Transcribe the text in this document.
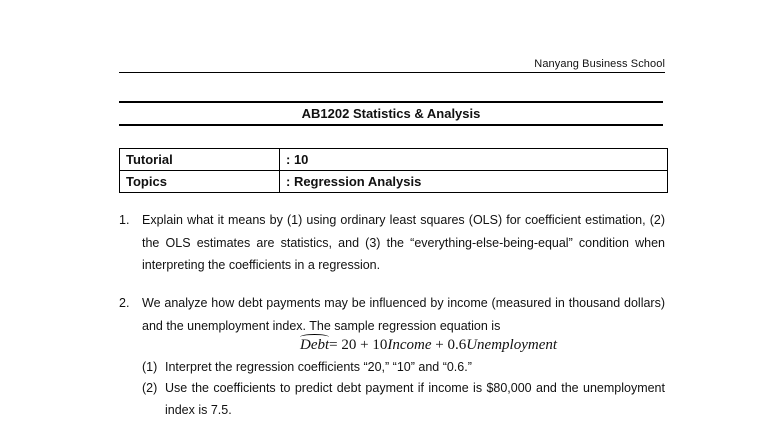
Nanyang Business School
AB1202 Statistics & Analysis
Tutorial	: 10
Topics	: Regression Analysis
1. Explain what it means by (1) using ordinary least squares (OLS) for coefficient estimation, (2) the OLS estimates are statistics, and (3) the “everything-else-being-equal” condition when interpreting the coefficients in a regression.
2. We analyze how debt payments may be influenced by income (measured in thousand dollars) and the unemployment index. The sample regression equation is
Debt= 20 + 10Income + 0.6Unemployment
(1) Interpret the regression coefficients “20,” “10” and “0.6.”
(2) Use the coefficients to predict debt payment if income is $80,000 and the unemployment index is 7.5.
